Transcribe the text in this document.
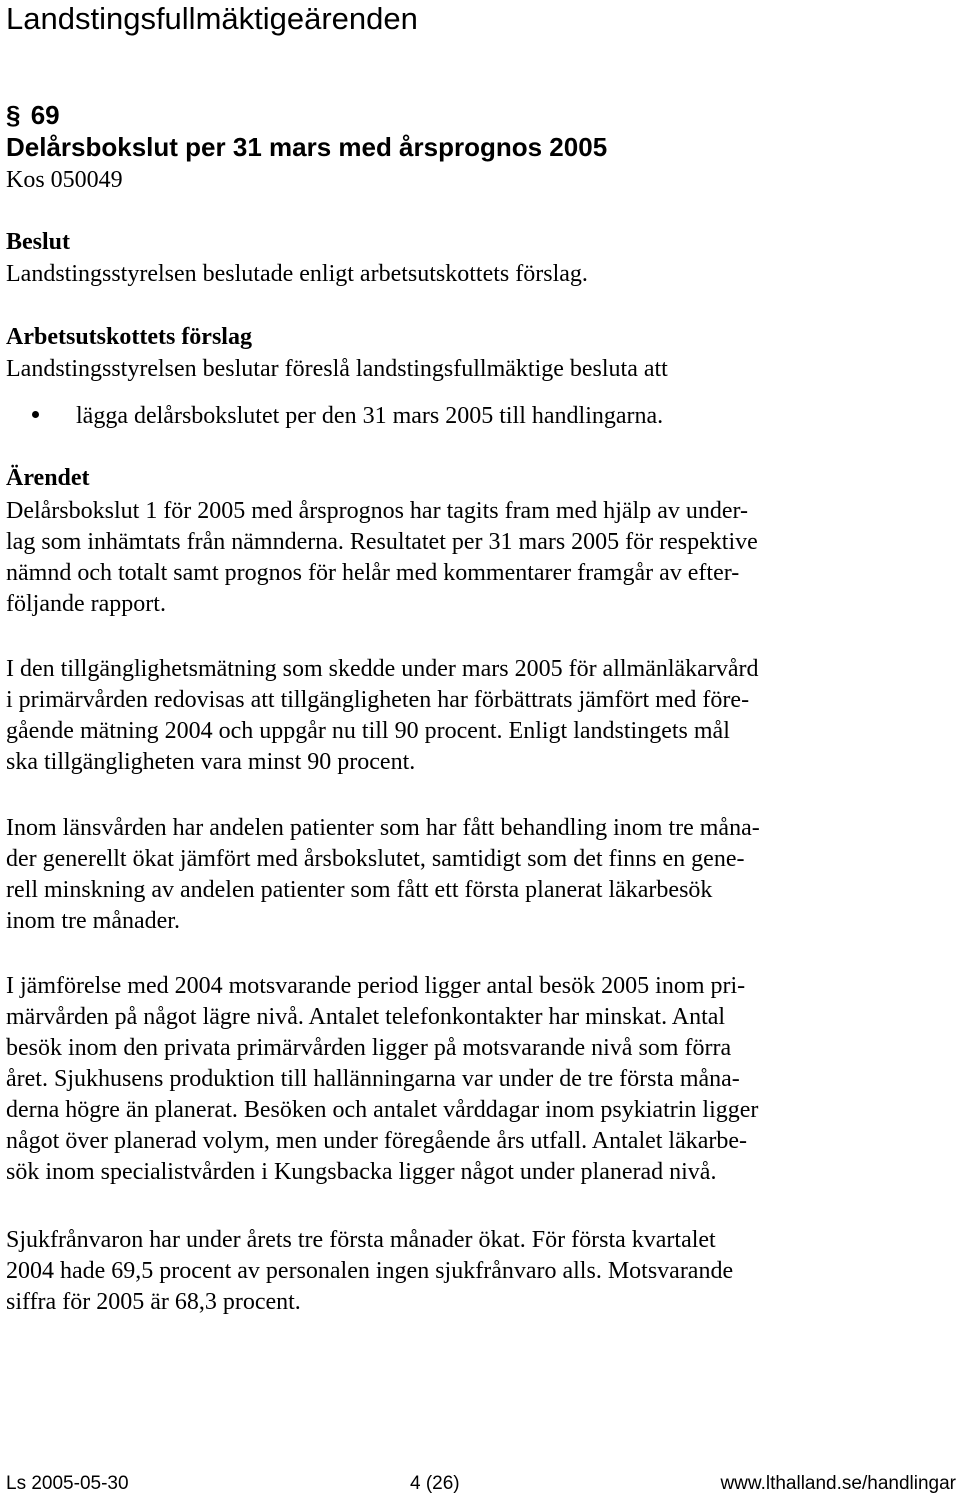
Landstingsfullmäktigeärenden
§ 69
Delårsbokslut per 31 mars med årsprognos 2005
Kos 050049
Beslut
Landstingsstyrelsen beslutade enligt arbetsutskottets förslag.
Arbetsutskottets förslag
Landstingsstyrelsen beslutar föreslå landstingsfullmäktige besluta att
lägga delårsbokslutet per den 31 mars 2005 till handlingarna.
Ärendet
Delårsbokslut 1 för 2005 med årsprognos har tagits fram med hjälp av under-
lag som inhämtats från nämnderna. Resultatet per 31 mars 2005 för respektive
nämnd och totalt samt prognos för helår med kommentarer framgår av efter-
följande rapport.
I den tillgänglighetsmätning som skedde under mars 2005 för allmänläkarvård
i primärvården redovisas att tillgängligheten har förbättrats jämfört med före-
gående mätning 2004 och uppgår nu till 90 procent. Enligt landstingets mål
ska tillgängligheten vara minst 90 procent.
Inom länsvården har andelen patienter som har fått behandling inom tre måna-
der generellt ökat jämfört med årsbokslutet, samtidigt som det finns en gene-
rell minskning av andelen patienter som fått ett första planerat läkarbesök
inom tre månader.
I jämförelse med 2004 motsvarande period ligger antal besök 2005 inom pri-
märvården på något lägre nivå. Antalet telefonkontakter har minskat. Antal
besök inom den privata primärvården ligger på motsvarande nivå som förra
året. Sjukhusens produktion till hallänningarna var under de tre första måna-
derna högre än planerat. Besöken och antalet vårddagar inom psykiatrin ligger
något över planerad volym, men under föregående års utfall. Antalet läkarbe-
sök inom specialistvården i Kungsbacka ligger något under planerad nivå.
Sjukfrånvaron har under årets tre första månader ökat. För första kvartalet
2004 hade 69,5 procent av personalen ingen sjukfrånvaro alls. Motsvarande
siffra för 2005 är 68,3 procent.
Ls 2005-05-30	4 (26)	www.lthalland.se/handlingar
